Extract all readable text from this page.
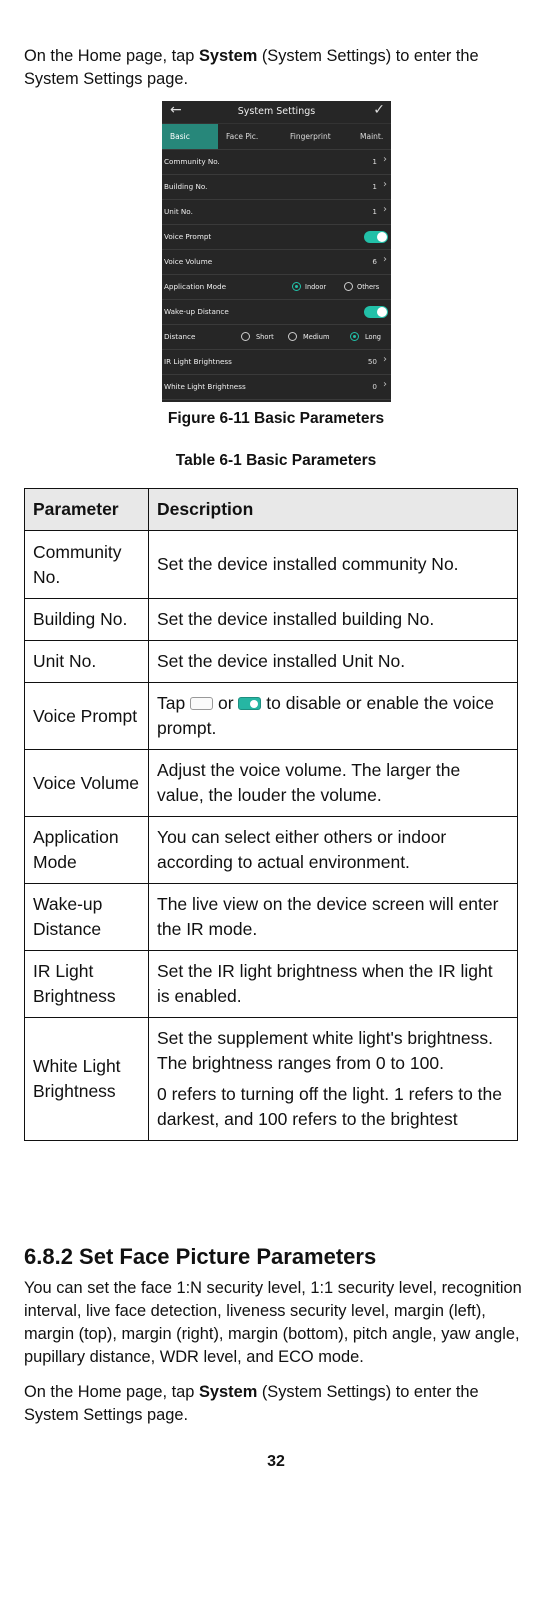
On the Home page, tap System (System Settings) to enter the System Settings page.

←	System Settings	✓
Basic	Face Pic.	Fingerprint	Maint.
Community No.	1 ›
Building No.	1 ›
Unit No.	1 ›
Voice Prompt
Voice Volume	6 ›
Application Mode	Indoor	Others
Wake-up Distance
Distance	Short	Medium	Long
IR Light Brightness	50 ›
White Light Brightness	0 ›
Figure 6-11 Basic Parameters
Table 6-1 Basic Parameters
Parameter	Description
Community No.	Set the device installed community No.
Building No.	Set the device installed building No.
Unit No.	Set the device installed Unit No.
Voice Prompt	Tap or to disable or enable the voice prompt.
Voice Volume	Adjust the voice volume. The larger the value, the louder the volume.
Application Mode	You can select either others or indoor according to actual environment.
Wake-up Distance	The live view on the device screen will enter the IR mode.
IR Light Brightness	Set the IR light brightness when the IR light is enabled.
White Light Brightness	Set the supplement white light's brightness. The brightness ranges from 0 to 100.

0 refers to turning off the light. 1 refers to the darkest, and 100 refers to the brightest

6.8.2 Set Face Picture Parameters

You can set the face 1:N security level, 1:1 security level, recognition interval, live face detection, liveness security level, margin (left), margin (top), margin (right), margin (bottom), pitch angle, yaw angle, pupillary distance, WDR level, and ECO mode.

On the Home page, tap System (System Settings) to enter the System Settings page.

32
